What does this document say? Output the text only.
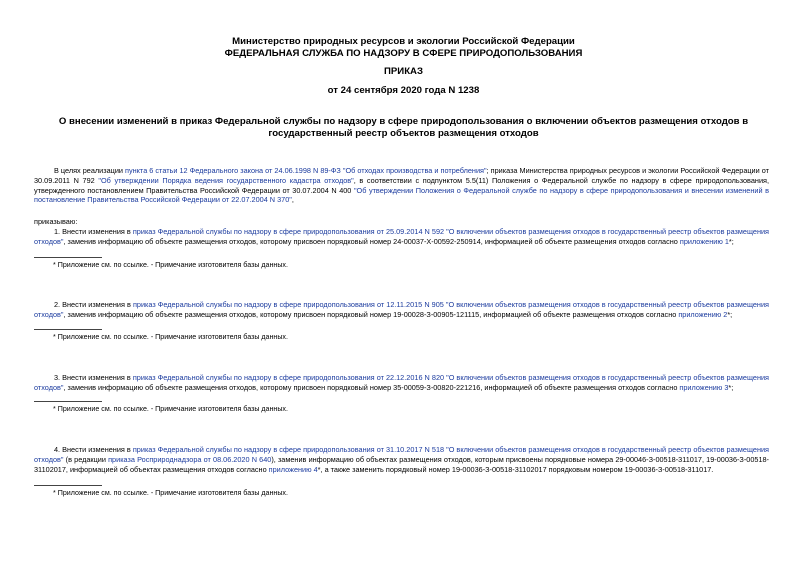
Министерство природных ресурсов и экологии Российской Федерации
ФЕДЕРАЛЬНАЯ СЛУЖБА ПО НАДЗОРУ В СФЕРЕ ПРИРОДОПОЛЬЗОВАНИЯ
ПРИКАЗ
от 24 сентября 2020 года N 1238
О внесении изменений в приказ Федеральной службы по надзору в сфере природопользования о включении объектов размещения отходов в государственный реестр объектов размещения отходов

В целях реализации пункта 6 статьи 12 Федерального закона от 24.06.1998 N 89-ФЗ "Об отходах производства и потребления"; приказа Министерства природных ресурсов и экологии Российской Федерации от 30.09.2011 N 792 "Об утверждении Порядка ведения государственного кадастра отходов", в соответствии с подпунктом 5.5(11) Положения о Федеральной службе по надзору в сфере природопользования, утвержденного постановлением Правительства Российской Федерации от 30.07.2004 N 400 "Об утверждении Положения о Федеральной службе по надзору в сфере природопользования и внесении изменений в постановление Правительства Российской Федерации от 22.07.2004 N 370",

приказываю:

1. Внести изменения в приказ Федеральной службы по надзору в сфере природопользования от 25.09.2014 N 592 "О включении объектов размещения отходов в государственный реестр объектов размещения отходов", заменив информацию об объекте размещения отходов, которому присвоен порядковый номер 24-00037-Х-00592-250914, информацией об объекте размещения отходов согласно приложению 1*;

* Приложение см. по ссылке. - Примечание изготовителя базы данных.

2. Внести изменения в приказ Федеральной службы по надзору в сфере природопользования от 12.11.2015 N 905 "О включении объектов размещения отходов в государственный реестр объектов размещения отходов", заменив информацию об объекте размещения отходов, которому присвоен порядковый номер 19-00028-З-00905-121115, информацией об объекте размещения отходов согласно приложению 2*;

* Приложение см. по ссылке. - Примечание изготовителя базы данных.

3. Внести изменения в приказ Федеральной службы по надзору в сфере природопользования от 22.12.2016 N 820 "О включении объектов размещения отходов в государственный реестр объектов размещения отходов", заменив информацию об объекте размещения отходов, которому присвоен порядковый номер 35-00059-З-00820-221216, информацией об объекте размещения отходов согласно приложению 3*;

* Приложение см. по ссылке. - Примечание изготовителя базы данных.

4. Внести изменения в приказ Федеральной службы по надзору в сфере природопользования от 31.10.2017 N 518 "О включении объектов размещения отходов в государственный реестр объектов размещения отходов" (в редакции приказа Росприроднадзора от 08.06.2020 N 640), заменив информацию об объектах размещения отходов, которым присвоены порядковые номера 29-00046-З-00518-311017, 19-00036-З-00518-31102017, информацией об объектах размещения отходов согласно приложению 4*, а также заменить порядковый номер 19-00036-З-00518-31102017 порядковым номером 19-00036-З-00518-311017.

* Приложение см. по ссылке. - Примечание изготовителя базы данных.
